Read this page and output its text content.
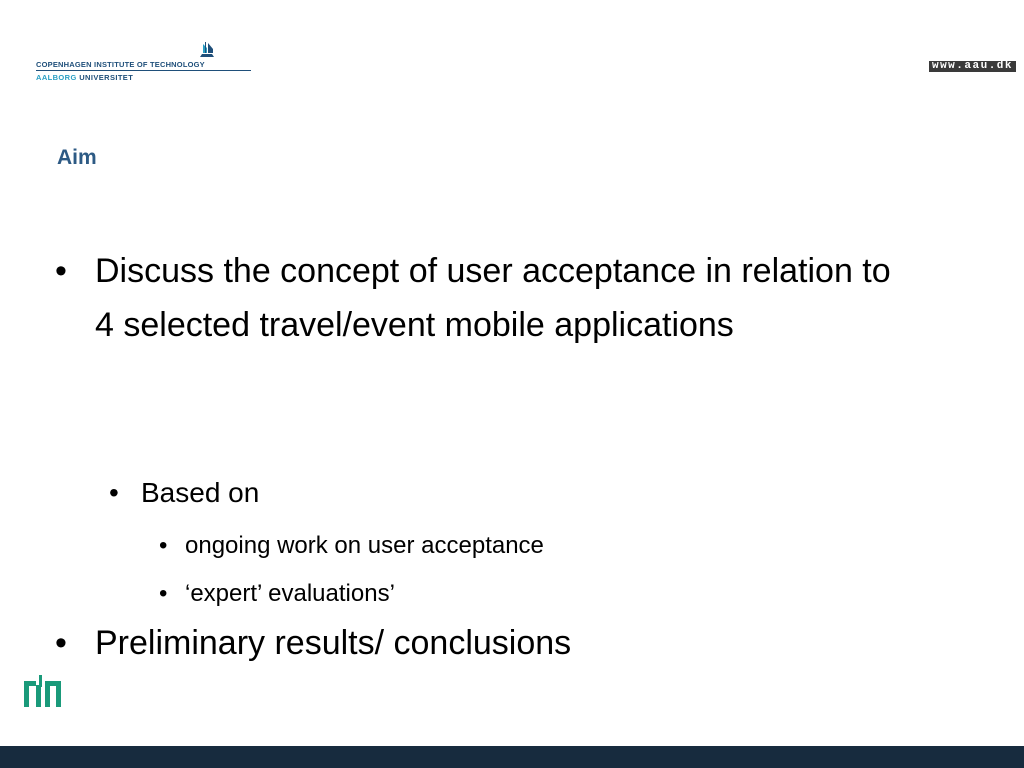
COPENHAGEN INSTITUTE OF TECHNOLOGY
AALBORG UNIVERSITET
www.aau.dk
Aim
• Discuss the concept of user acceptance in relation to 4 selected travel/event mobile applications
• Based on
• ongoing work on user acceptance
• ‘expert’ evaluations’
• Preliminary results/ conclusions
